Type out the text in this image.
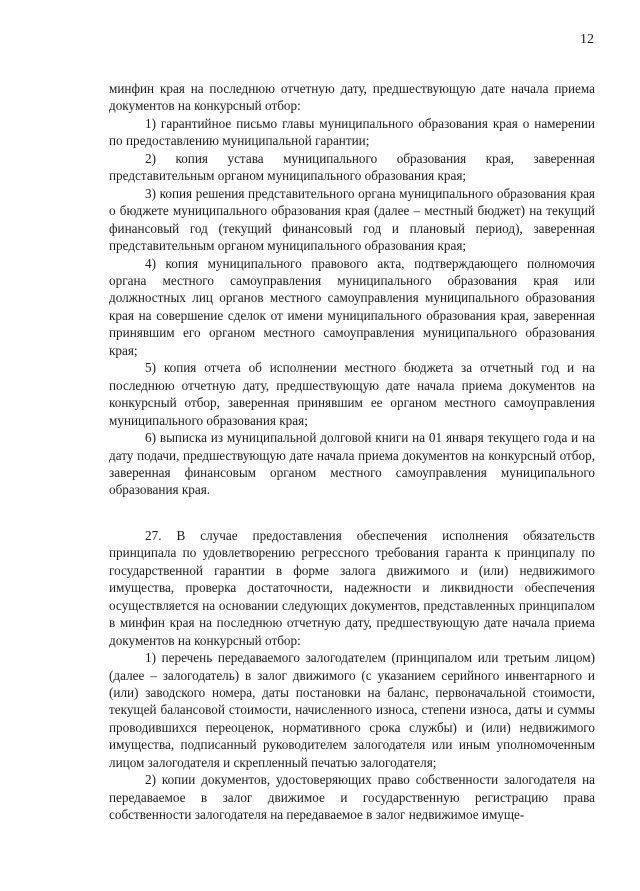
12

минфин края на последнюю отчетную дату, предшествующую дате начала приема документов на конкурсный отбор:

1) гарантийное письмо главы муниципального образования края о намерении по предоставлению муниципальной гарантии;

2) копия устава муниципального образования края, заверенная представительным органом муниципального образования края;

3) копия решения представительного органа муниципального образования края о бюджете муниципального образования края (далее – местный бюджет) на текущий финансовый год (текущий финансовый год и плановый период), заверенная представительным органом муниципального образования края;

4) копия муниципального правового акта, подтверждающего полномочия органа местного самоуправления муниципального образования края или должностных лиц органов местного самоуправления муниципального образования края на совершение сделок от имени муниципального образования края, заверенная принявшим его органом местного самоуправления муниципального образования края;

5) копия отчета об исполнении местного бюджета за отчетный год и на последнюю отчетную дату, предшествующую дате начала приема документов на конкурсный отбор, заверенная принявшим ее органом местного самоуправления муниципального образования края;

6) выписка из муниципальной долговой книги на 01 января текущего года и на дату подачи, предшествующую дате начала приема документов на конкурсный отбор, заверенная финансовым органом местного самоуправления муниципального образования края.

27. В случае предоставления обеспечения исполнения обязательств принципала по удовлетворению регрессного требования гаранта к принципалу по государственной гарантии в форме залога движимого и (или) недвижимого имущества, проверка достаточности, надежности и ликвидности обеспечения осуществляется на основании следующих документов, представленных принципалом в минфин края на последнюю отчетную дату, предшествующую дате начала приема документов на конкурсный отбор:

1) перечень передаваемого залогодателем (принципалом или третьим лицом) (далее – залогодатель) в залог движимого (с указанием серийного инвентарного и (или) заводского номера, даты постановки на баланс, первоначальной стоимости, текущей балансовой стоимости, начисленного износа, степени износа, даты и суммы проводившихся переоценок, нормативного срока службы) и (или) недвижимого имущества, подписанный руководителем залогодателя или иным уполномоченным лицом залогодателя и скрепленный печатью залогодателя;

2) копии документов, удостоверяющих право собственности залогодателя на передаваемое в залог движимое и государственную регистрацию права собственности залогодателя на передаваемое в залог недвижимое имуще-
